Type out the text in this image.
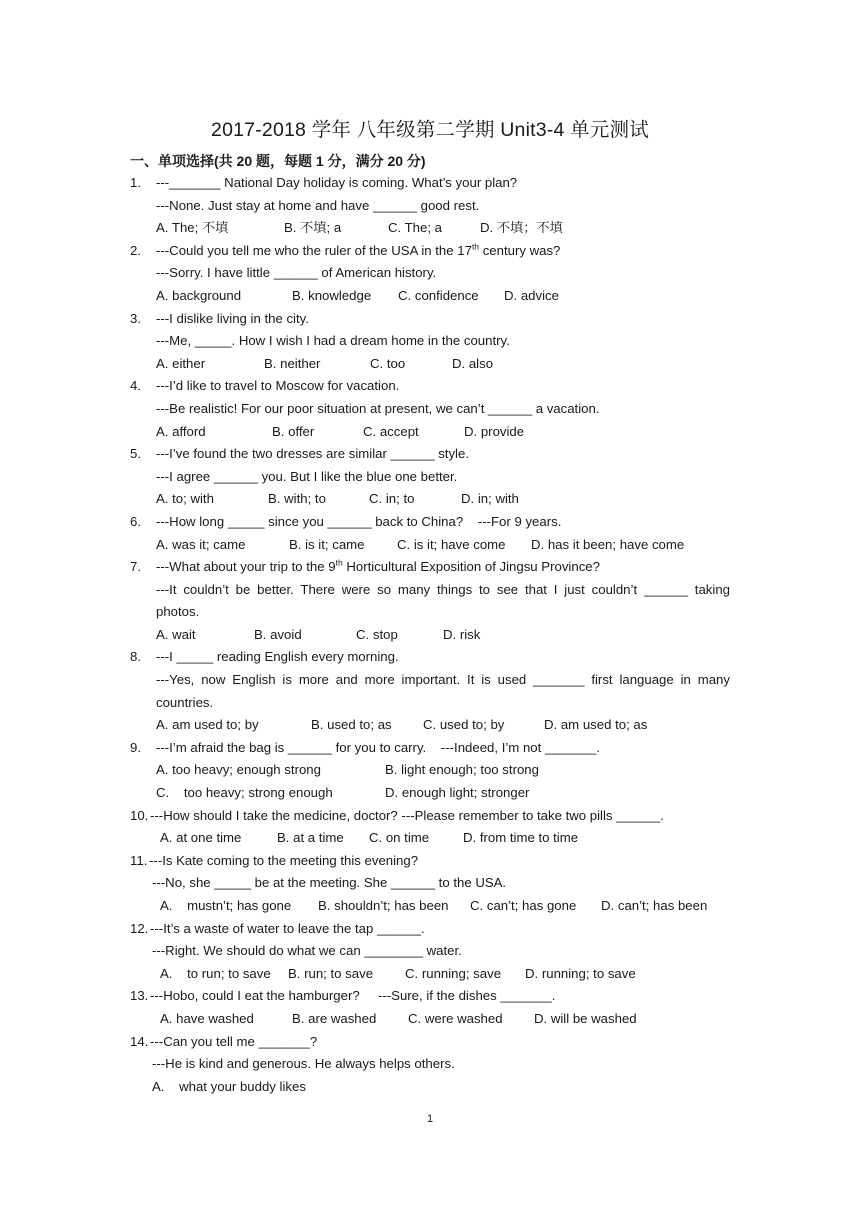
2017-2018 学年 八年级第二学期 Unit3-4 单元测试
一、单项选择(共 20 题，每题 1 分，满分 20 分)
1. ---_______ National Day holiday is coming. What’s your plan?
---None. Just stay at home and have ______ good rest.
A. The; 不填	B. 不填; a	C. The; a	D. 不填；不填
2. ---Could you tell me who the ruler of the USA in the 17th century was?
---Sorry. I have little ______ of American history.
A. background	B. knowledge C. confidence D. advice
3. ---I dislike living in the city.
---Me, _____. How I wish I had a dream home in the country.
A. either	B. neither	C. too	D. also
4. ---I’d like to travel to Moscow for vacation.
---Be realistic! For our poor situation at present, we can’t ______ a vacation.
A. afford	B. offer	C. accept	D. provide
5. ---I’ve found the two dresses are similar ______ style.
---I agree ______ you. But I like the blue one better.
A. to; with	B. with; to	C. in; to	D. in; with
6. ---How long _____ since you ______ back to China?    ---For 9 years.
A. was it; came	B. is it; came C. is it; have come D. has it been; have come
7. ---What about your trip to the 9th Horticultural Exposition of Jingsu Province?
---It couldn’t be better. There were so many things to see that I just couldn’t ______ taking
photos.
A. wait	B. avoid	C. stop	D. risk
8. ---I _____ reading English every morning.
---Yes, now English is more and more important. It is used _______ first language in many
countries.
A. am used to; by	B. used to; as C. used to; by	D. am used to; as
9. ---I’m afraid the bag is ______ for you to carry.    ---Indeed, I’m not _______.
A. too heavy; enough strong	B. light enough; too strong
C.    too heavy; strong enough	D. enough light; stronger
10. ---How should I take the medicine, doctor? ---Please remember to take two pills ______.
A. at one time	B. at a time C. on time	D. from time to time
11. ---Is Kate coming to the meeting this evening?
---No, she _____ be at the meeting. She ______ to the USA.
A.    mustn’t; has gone B. shouldn’t; has been C. can’t; has gone D. can’t; has been
12. ---It’s a waste of water to leave the tap ______.
---Right. We should do what we can ________ water.
A.    to run; to save B. run; to save C. running; save D. running; to save
13. ---Hobo, could I eat the hamburger?     ---Sure, if the dishes _______.
A. have washed	B. are washed C. were washed D. will be washed
14. ---Can you tell me _______?
---He is kind and generous. He always helps others.
A.    what your buddy likes
1
